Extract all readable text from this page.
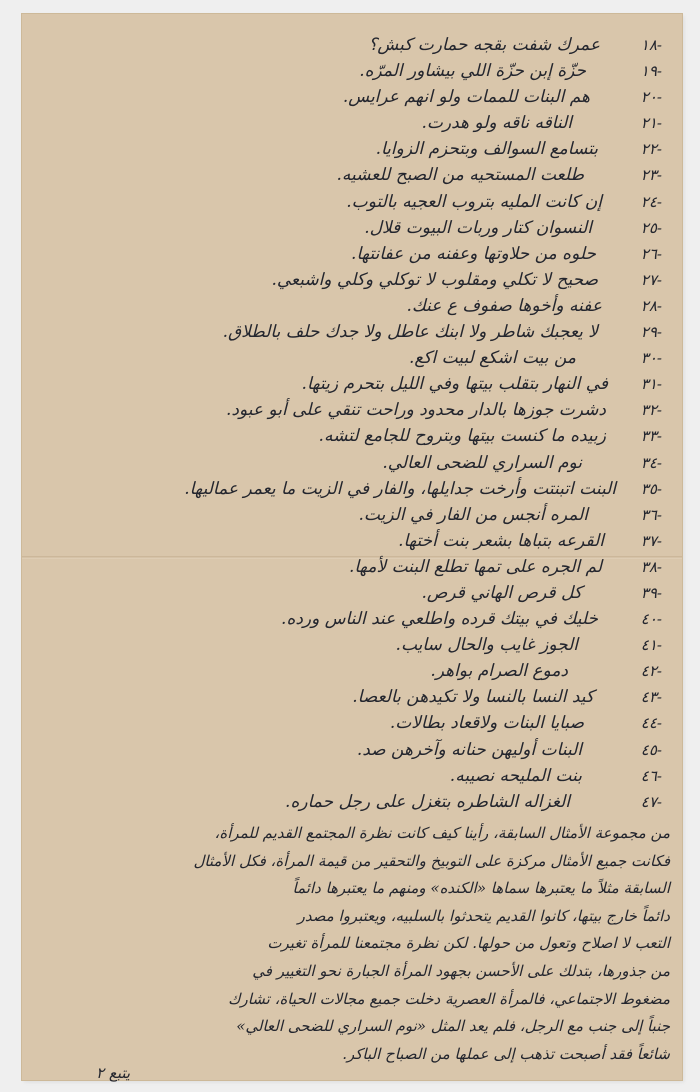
١٨-
عمرك شفت بقجه حمارت كبش؟
١٩-
حزّة إبن حزّة اللي بيشاور المرّه.
٢٠-
هم البنات للممات ولو انهم عرايس.
٢١-
الناقه ناقه ولو هدرت.
٢٢-
بتسامع السوالف وبتحزم الزوايا.
٢٣-
طلعت المستحيه من الصبح للعشيه.
٢٤-
إن كانت المليه بتروب العجيه بالتوب.
٢٥-
النسوان كتار وربات البيوت قلال.
٢٦-
حلوه من حلاوتها وعفنه من عفانتها.
٢٧-
صحيح لا تكلي ومقلوب لا توكلي وكلي واشبعي.
٢٨-
عفنه وأخوها صفوف ع عنك.
٢٩-
لا يعجبك شاطر ولا ابنك عاطل ولا جدك حلف بالطلاق.
٣٠-
من بيت اشكع لبيت اكع.
٣١-
في النهار بتقلب بيتها وفي الليل بتحرم زيتها.
٣٢-
دشرت جوزها بالدار محدود وراحت تنقي على أبو عبود.
٣٣-
زبيده ما كنست بيتها وبتروح للجامع لتشه.
٣٤-
نوم السراري للضحى العالي.
٣٥-
البنت اتبنتت وأرخت جدايلها، والفار في الزيت ما يعمر عماليها.
٣٦-
المره أنجس من الفار في الزيت.
٣٧-
القرعه بتباها بشعر بنت أختها.
٣٨-
لم الجره على تمها تطلع البنت لأمها.
٣٩-
كل قرص الهاني قرص.
٤٠-
خليك في بيتك قرده واطلعي عند الناس ورده.
٤١-
الجوز غايب والحال سايب.
٤٢-
دموع الصرام بواهر.
٤٣-
كيد النسا بالنسا ولا تكيدهن بالعصا.
٤٤-
صبايا البنات ولاقعاد بطالات.
٤٥-
البنات أوليهن حنانه وآخرهن صد.
٤٦-
بنت المليحه نصيبه.
٤٧-
الغزاله الشاطره بتغزل على رجل حماره.
من مجموعة الأمثال السابقة، رأينا كيف كانت نظرة المجتمع القديم للمرأة،
فكانت جميع الأمثال مركزة على التوبيخ والتحقير من قيمة المرأة، فكل الأمثال
السابقة مثلاً ما يعتبرها سماها «الكنده» ومنهم ما يعتبرها دائماً
دائماً خارج بيتها، كانوا القديم يتحدثوا بالسلبيه، ويعتبروا مصدر
التعب لا اصلاح وتعول من حولها. لكن نظرة مجتمعنا للمرأة تغيرت
من جذورها، بتدلك على الأحسن بجهود المرأة الجبارة نحو التغيير في
مضغوط الاجتماعي، فالمرأة العصرية دخلت جميع مجالات الحياة، تشارك
جنباً إلى جنب مع الرجل، فلم يعد المثل «نوم السراري للضحى العالي»
شائعاً فقد أصبحت تذهب إلى عملها من الصباح الباكر.
يتبع ٢
